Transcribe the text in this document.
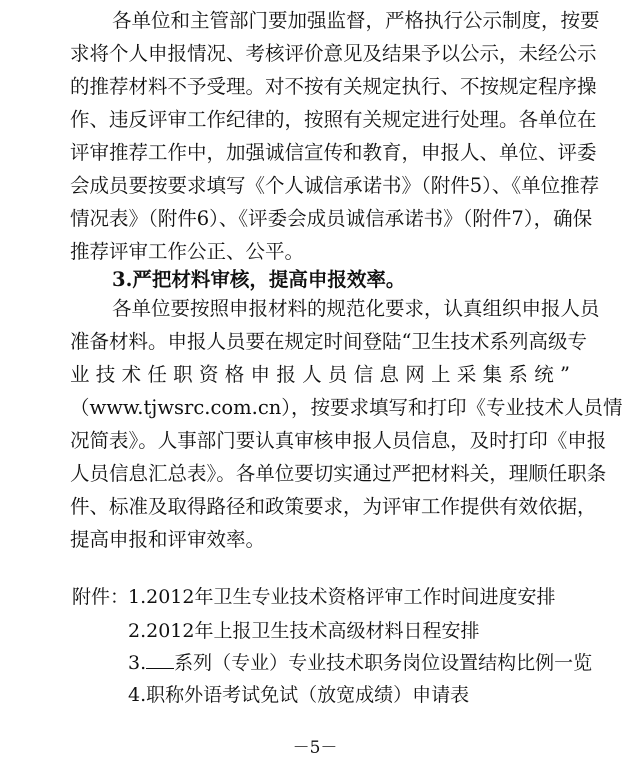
各单位和主管部门要加强监督，严格执行公示制度，按要
求将个人申报情况、考核评价意见及结果予以公示，未经公示
的推荐材料不予受理。对不按有关规定执行、不按规定程序操
作、违反评审工作纪律的，按照有关规定进行处理。各单位在
评审推荐工作中，加强诚信宣传和教育，申报人、单位、评委
会成员要按要求填写《个人诚信承诺书》（附件5）、《单位推荐
情况表》（附件6）、《评委会成员诚信承诺书》（附件7），确保
推荐评审工作公正、公平。
3.严把材料审核，提高申报效率。
各单位要按照申报材料的规范化要求，认真组织申报人员
准备材料。申报人员要在规定时间登陆“卫生技术系列高级专
业技术任职资格申报人员信息网上采集系统”
（www.tjwsrc.com.cn），按要求填写和打印《专业技术人员情
况简表》。人事部门要认真审核申报人员信息，及时打印《申报
人员信息汇总表》。各单位要切实通过严把材料关，理顺任职条
件、标准及取得路径和政策要求，为评审工作提供有效依据，
提高申报和评审效率。
附件：
1.2012年卫生专业技术资格评审工作时间进度安排
2.2012年上报卫生技术高级材料日程安排
3. 系列（专业）专业技术职务岗位设置结构比例一览
4.职称外语考试免试（放宽成绩）申请表
－5－
